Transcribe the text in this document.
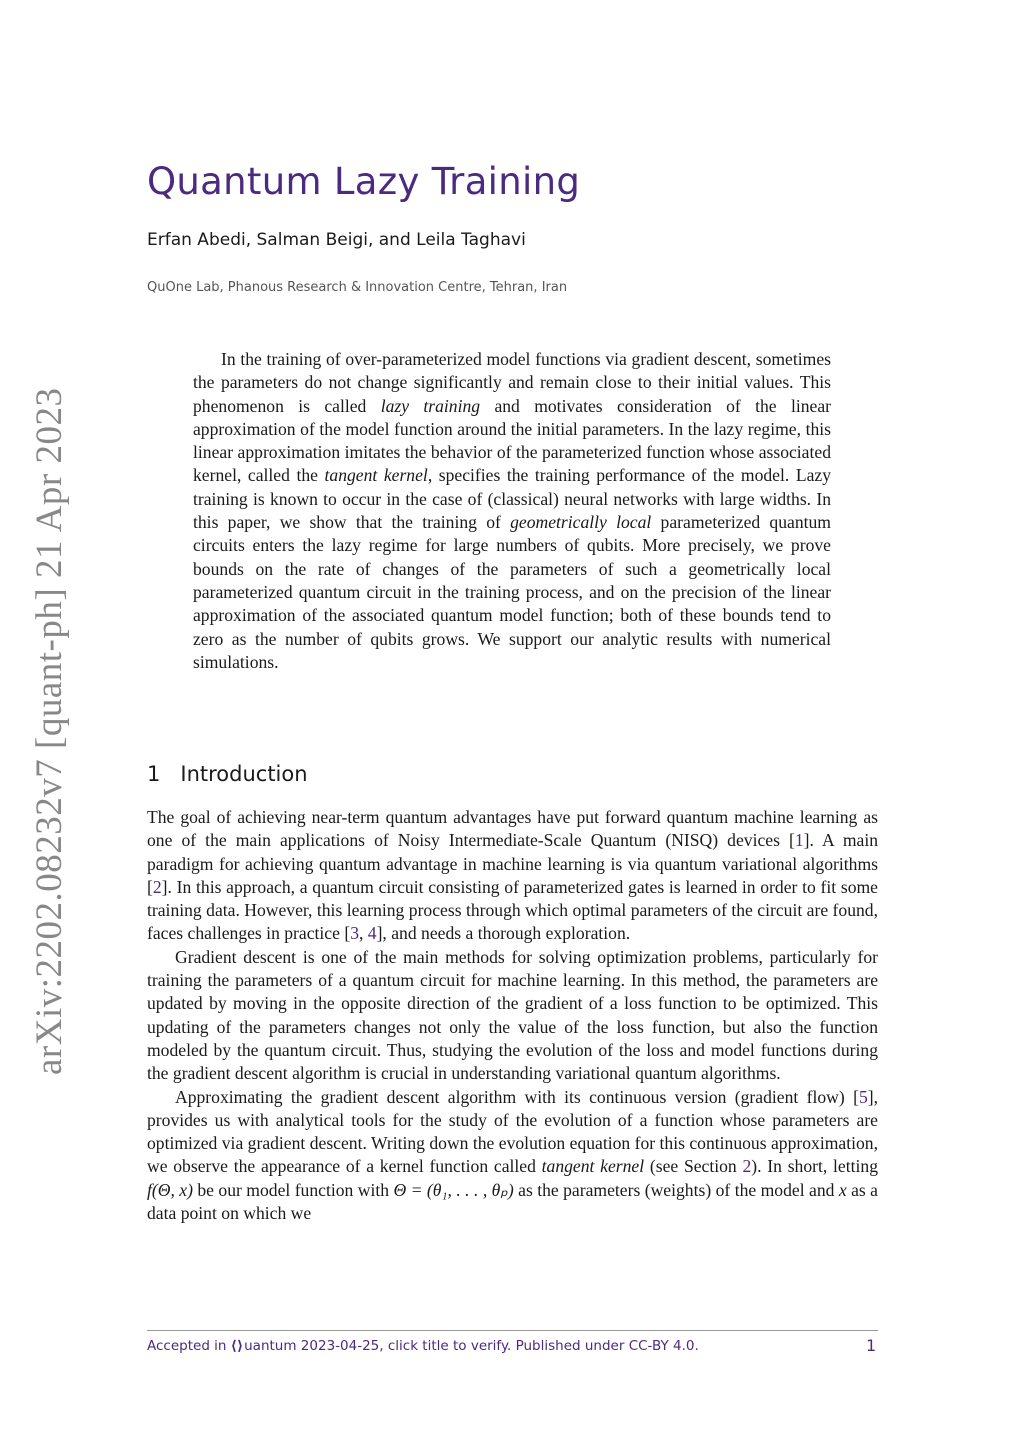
arXiv:2202.08232v7 [quant-ph] 21 Apr 2023
Quantum Lazy Training
Erfan Abedi, Salman Beigi, and Leila Taghavi
QuOne Lab, Phanous Research & Innovation Centre, Tehran, Iran

In the training of over-parameterized model functions via gradient descent, sometimes the parameters do not change significantly and remain close to their initial values. This phenomenon is called lazy training and motivates consideration of the linear approximation of the model function around the initial parameters. In the lazy regime, this linear approximation imitates the behavior of the parameterized function whose associated kernel, called the tangent kernel, specifies the training performance of the model. Lazy training is known to occur in the case of (classical) neural networks with large widths. In this paper, we show that the training of geometrically local parameterized quantum circuits enters the lazy regime for large numbers of qubits. More precisely, we prove bounds on the rate of changes of the parameters of such a geometrically local parameterized quantum circuit in the training process, and on the precision of the linear approximation of the associated quantum model function; both of these bounds tend to zero as the number of qubits grows. We support our analytic results with numerical simulations.

1 Introduction

The goal of achieving near-term quantum advantages have put forward quantum machine learning as one of the main applications of Noisy Intermediate-Scale Quantum (NISQ) devices [1]. A main paradigm for achieving quantum advantage in machine learning is via quantum variational algorithms [2]. In this approach, a quantum circuit consisting of parameterized gates is learned in order to fit some training data. However, this learning process through which optimal parameters of the circuit are found, faces challenges in practice [3, 4], and needs a thorough exploration.

Gradient descent is one of the main methods for solving optimization problems, particularly for training the parameters of a quantum circuit for machine learning. In this method, the parameters are updated by moving in the opposite direction of the gradient of a loss function to be optimized. This updating of the parameters changes not only the value of the loss function, but also the function modeled by the quantum circuit. Thus, studying the evolution of the loss and model functions during the gradient descent algorithm is crucial in understanding variational quantum algorithms.

Approximating the gradient descent algorithm with its continuous version (gradient flow) [5], provides us with analytical tools for the study of the evolution of a function whose parameters are optimized via gradient descent. Writing down the evolution equation for this continuous approximation, we observe the appearance of a kernel function called tangent kernel (see Section 2). In short, letting f(Θ, x) be our model function with Θ = (θ₁, . . . , θₚ) as the parameters (weights) of the model and x as a data point on which we

Accepted in ⟨⟩uantum 2023-04-25, click title to verify. Published under CC-BY 4.0.	1
